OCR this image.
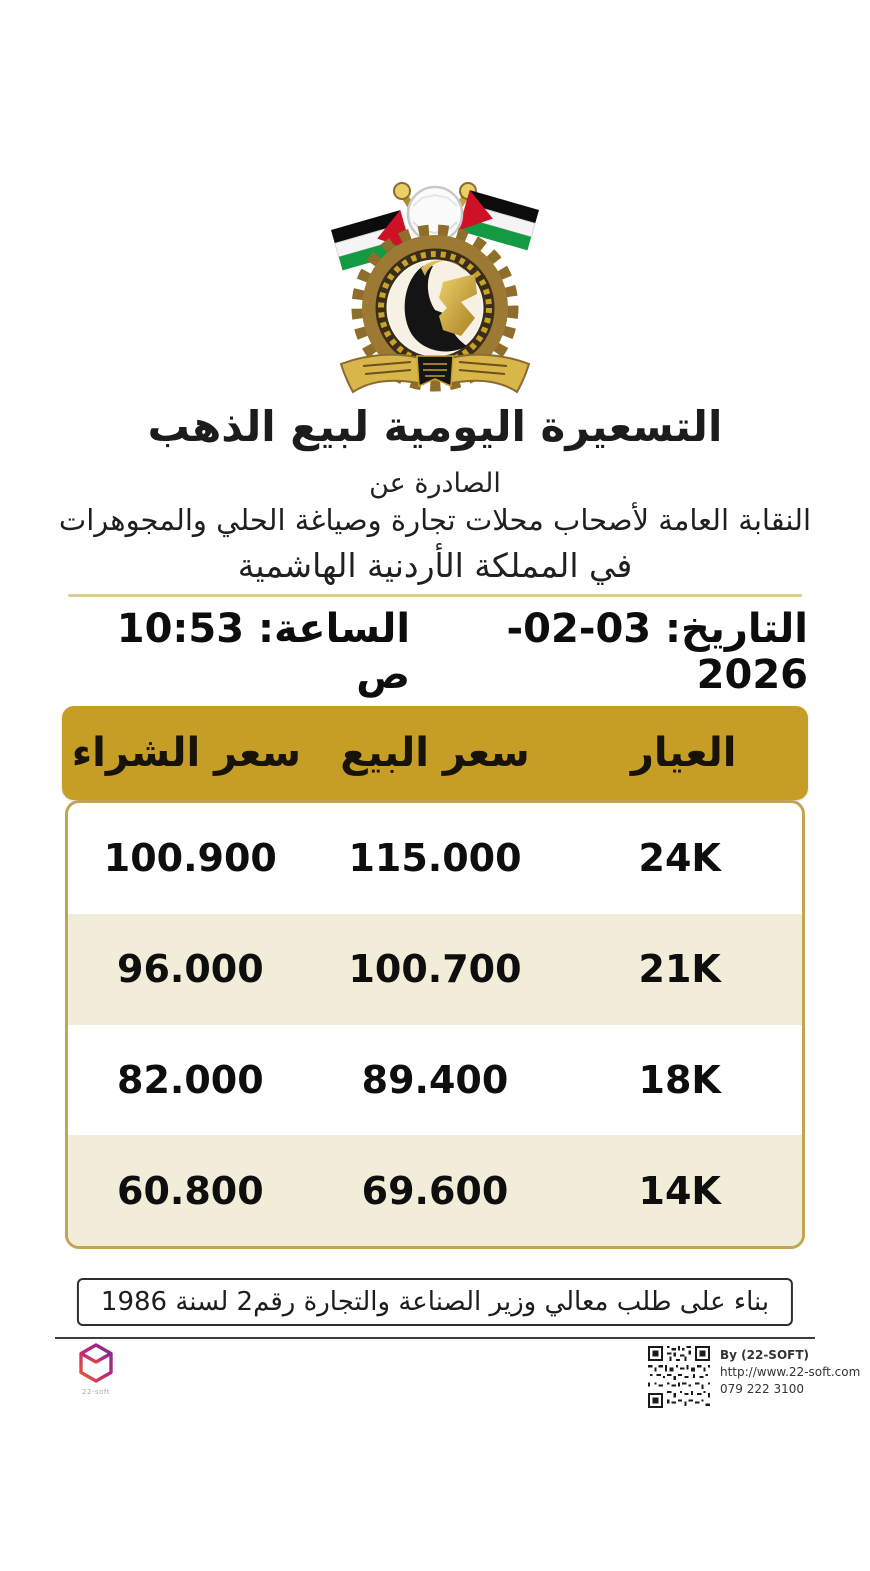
التسعيرة اليومية لبيع الذهب
الصادرة عن
النقابة العامة لأصحاب محلات تجارة وصياغة الحلي والمجوهرات
في المملكة الأردنية الهاشمية
التاريخ: 03-02-2026
الساعة: 10:53 ص
العيار
سعر البيع
سعر الشراء
24K
115.000
100.900
21K
100.700
96.000
18K
89.400
82.000
14K
69.600
60.800
بناء على طلب معالي وزير الصناعة والتجارة رقم2 لسنة 1986
By (22-SOFT)
http://www.22-soft.com
079 222 3100
22-soft
